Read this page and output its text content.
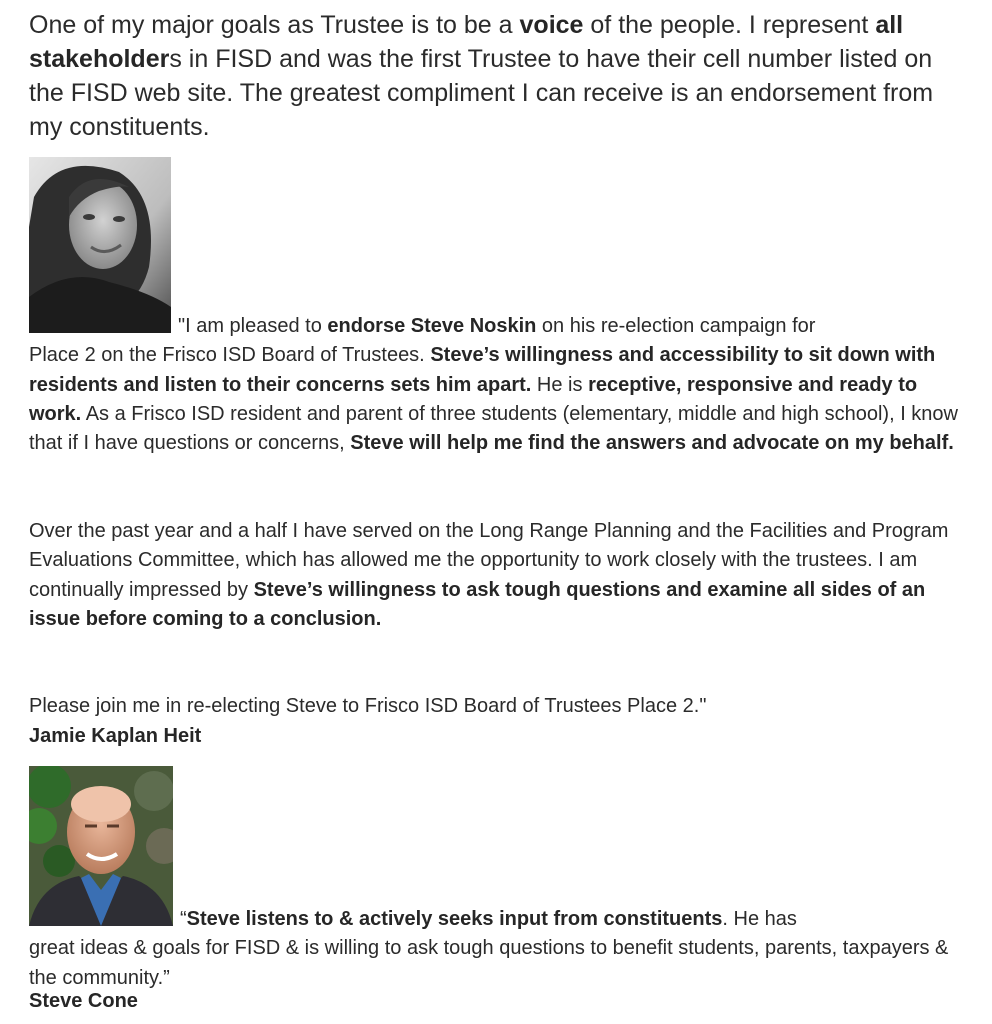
One of my major goals as Trustee is to be a voice of the people. I represent all stakeholders in FISD and was the first Trustee to have their cell number listed on the FISD web site. The greatest compliment I can receive is an endorsement from my constituents.

"I am pleased to endorse Steve Noskin on his re-election campaign for
Place 2 on the Frisco ISD Board of Trustees. Steve’s willingness and accessibility to sit down with residents and listen to their concerns sets him apart. He is receptive, responsive and ready to work. As a Frisco ISD resident and parent of three students (elementary, middle and high school), I know that if I have questions or concerns, Steve will help me find the answers and advocate on my behalf.

Over the past year and a half I have served on the Long Range Planning and the Facilities and Program Evaluations Committee, which has allowed me the opportunity to work closely with the trustees. I am continually impressed by Steve’s willingness to ask tough questions and examine all sides of an issue before coming to a conclusion.

Please join me in re-electing Steve to Frisco ISD Board of Trustees Place 2."

Jamie Kaplan Heit

“Steve listens to & actively seeks input from constituents. He has
great ideas & goals for FISD & is willing to ask tough questions to benefit students, parents, taxpayers & the community.”

Steve Cone
